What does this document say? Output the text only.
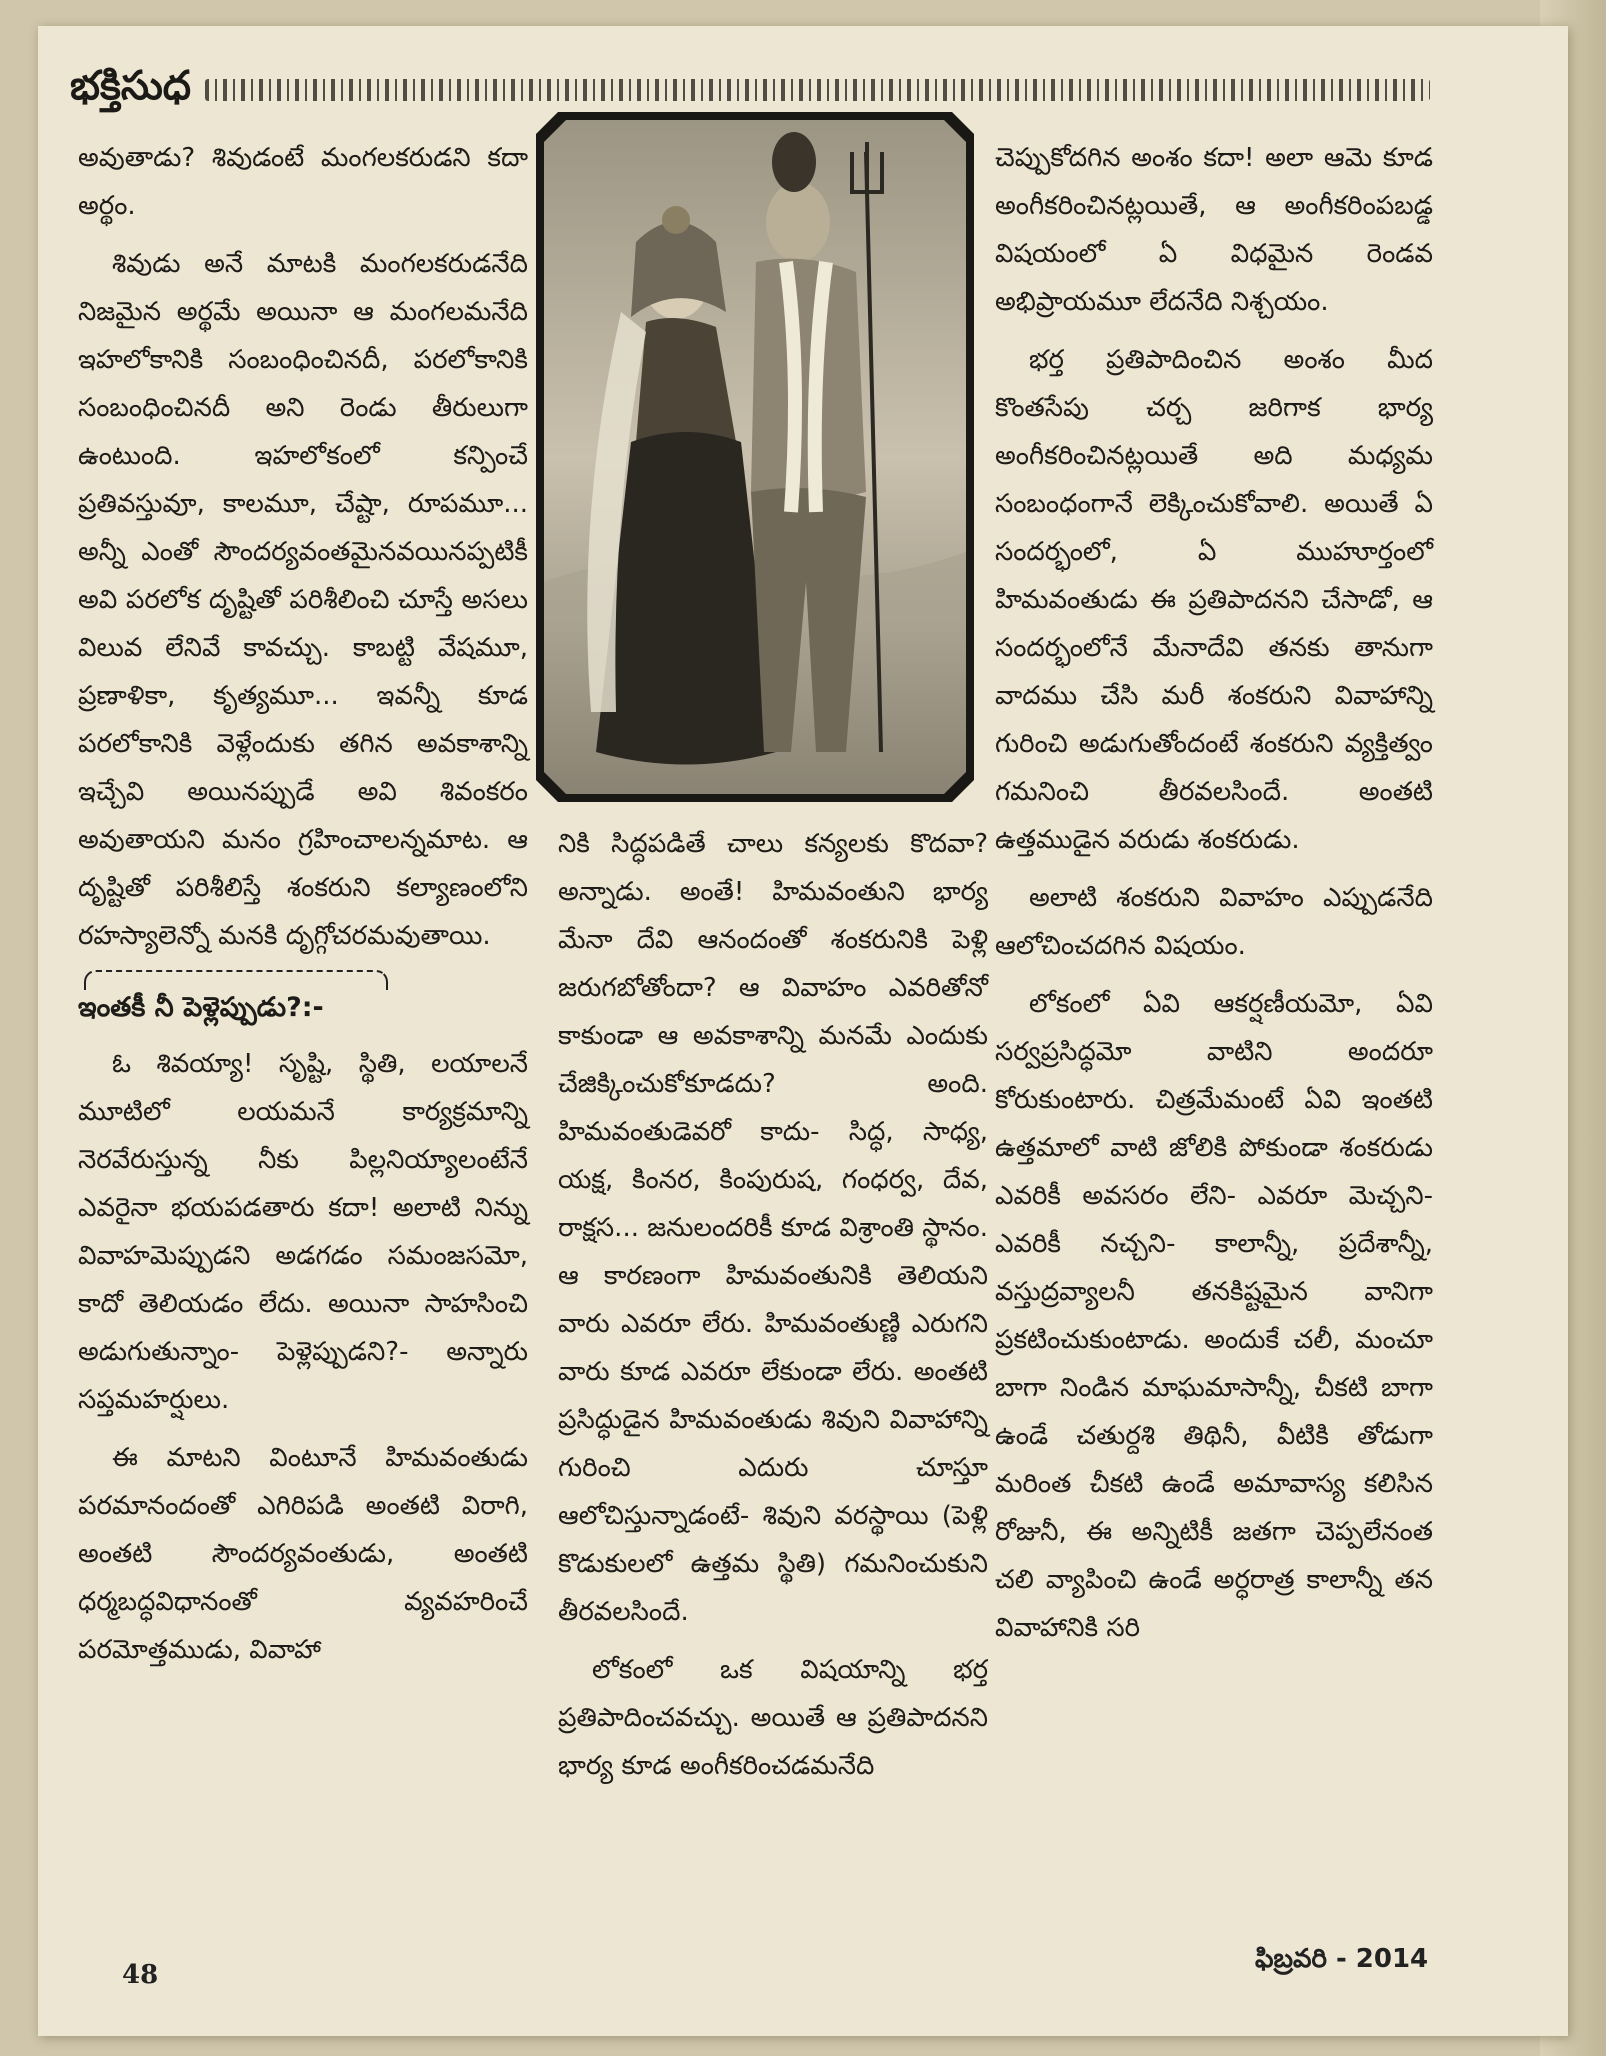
భక్తిసుధ

అవుతాడు? శివుడంటే మంగలకరుడని కదా అర్థం.

శివుడు అనే మాటకి మంగలకరుడనేది నిజమైన అర్థమే అయినా ఆ మంగలమనేది ఇహలోకానికి సంబంధించినదీ, పరలోకానికి సంబంధించినదీ అని రెండు తీరులుగా ఉంటుంది. ఇహలోకంలో కన్పించే ప్రతివస్తువూ, కాలమూ, చేష్టా, రూపమూ... అన్నీ ఎంతో సౌందర్యవంతమైనవయినప్పటికీ అవి పరలోక దృష్టితో పరిశీలించి చూస్తే అసలు విలువ లేనివే కావచ్చు. కాబట్టి వేషమూ, ప్రణాళికా, కృత్యమూ... ఇవన్నీ కూడ పరలోకానికి వెళ్లేందుకు తగిన అవకాశాన్ని ఇచ్చేవి అయినప్పుడే అవి శివంకరం అవుతాయని మనం గ్రహించాలన్నమాట. ఆ దృష్టితో పరిశీలిస్తే శంకరుని కల్యాణంలోని రహస్యాలెన్నో మనకి దృగ్గోచరమవుతాయి.

ఇంతకీ నీ పెళ్లెప్పుడు?:-

ఓ శివయ్యా! సృష్టి, స్థితి, లయాలనే మూటిలో లయమనే కార్యక్రమాన్ని నెరవేరుస్తున్న నీకు పిల్లనియ్యాలంటేనే ఎవరైనా భయపడతారు కదా! అలాటి నిన్ను వివాహమెప్పుడని అడగడం సమంజసమో, కాదో తెలియడం లేదు. అయినా సాహసించి అడుగుతున్నాం- పెళ్లెప్పుడని?- అన్నారు సప్తమహర్షులు.

ఈ మాటని వింటూనే హిమవంతుడు పరమానందంతో ఎగిరిపడి అంతటి విరాగి, అంతటి సౌందర్యవంతుడు, అంతటి ధర్మబద్ధవిధానంతో వ్యవహరించే పరమోత్తముడు, వివాహా

నికి సిద్ధపడితే చాలు కన్యలకు కొదవా? అన్నాడు. అంతే! హిమవంతుని భార్య మేనా దేవి ఆనందంతో శంకరునికి పెళ్లి జరుగబోతోందా? ఆ వివాహం ఎవరితోనో కాకుండా ఆ అవకాశాన్ని మనమే ఎందుకు చేజిక్కించుకోకూడదు? అంది. హిమవంతుడెవరో కాదు- సిద్ధ, సాధ్య, యక్ష, కింనర, కింపురుష, గంధర్వ, దేవ, రాక్షస... జనులందరికీ కూడ విశ్రాంతి స్థానం. ఆ కారణంగా హిమవంతునికి తెలియని వారు ఎవరూ లేరు. హిమవంతుణ్ణి ఎరుగని వారు కూడ ఎవరూ లేకుండా లేరు. అంతటి ప్రసిద్ధుడైన హిమవంతుడు శివుని వివాహాన్ని గురించి ఎదురు చూస్తూ ఆలోచిస్తున్నాడంటే- శివుని వరస్థాయి (పెళ్లి కొడుకులలో ఉత్తమ స్థితి) గమనించుకుని తీరవలసిందే.

లోకంలో ఒక విషయాన్ని భర్త ప్రతిపాదించవచ్చు. అయితే ఆ ప్రతిపాదనని భార్య కూడ అంగీకరించడమనేది

చెప్పుకోదగిన అంశం కదా! అలా ఆమె కూడ అంగీకరించినట్లయితే, ఆ అంగీకరింపబడ్డ విషయంలో ఏ విధమైన రెండవ అభిప్రాయమూ లేదనేది నిశ్చయం.

భర్త ప్రతిపాదించిన అంశం మీద కొంతసేపు చర్చ జరిగాక భార్య అంగీకరించినట్లయితే అది మధ్యమ సంబంధంగానే లెక్కించుకోవాలి. అయితే ఏ సందర్భంలో, ఏ ముహూర్తంలో హిమవంతుడు ఈ ప్రతిపాదనని చేసాడో, ఆ సందర్భంలోనే మేనాదేవి తనకు తానుగా వాదము చేసి మరీ శంకరుని వివాహాన్ని గురించి అడుగుతోందంటే శంకరుని వ్యక్తిత్వం గమనించి తీరవలసిందే. అంతటి ఉత్తముడైన వరుడు శంకరుడు.

అలాటి శంకరుని వివాహం ఎప్పుడనేది ఆలోచించదగిన విషయం.

లోకంలో ఏవి ఆకర్షణీయమో, ఏవి సర్వప్రసిద్ధమో వాటిని అందరూ కోరుకుంటారు. చిత్రమేమంటే ఏవి ఇంతటి ఉత్తమాలో వాటి జోలికి పోకుండా శంకరుడు ఎవరికీ అవసరం లేని- ఎవరూ మెచ్చని- ఎవరికీ నచ్చని- కాలాన్నీ, ప్రదేశాన్నీ, వస్తుద్రవ్యాలనీ తనకిష్టమైన వానిగా ప్రకటించుకుంటాడు. అందుకే చలీ, మంచూ బాగా నిండిన మాఘమాసాన్నీ, చీకటి బాగా ఉండే చతుర్దశి తిథినీ, వీటికి తోడుగా మరింత చీకటి ఉండే అమావాస్య కలిసిన రోజునీ, ఈ అన్నిటికీ జతగా చెప్పలేనంత చలి వ్యాపించి ఉండే అర్ధరాత్ర కాలాన్నీ తన వివాహానికి సరి

48
ఫిబ్రవరి - 2014
